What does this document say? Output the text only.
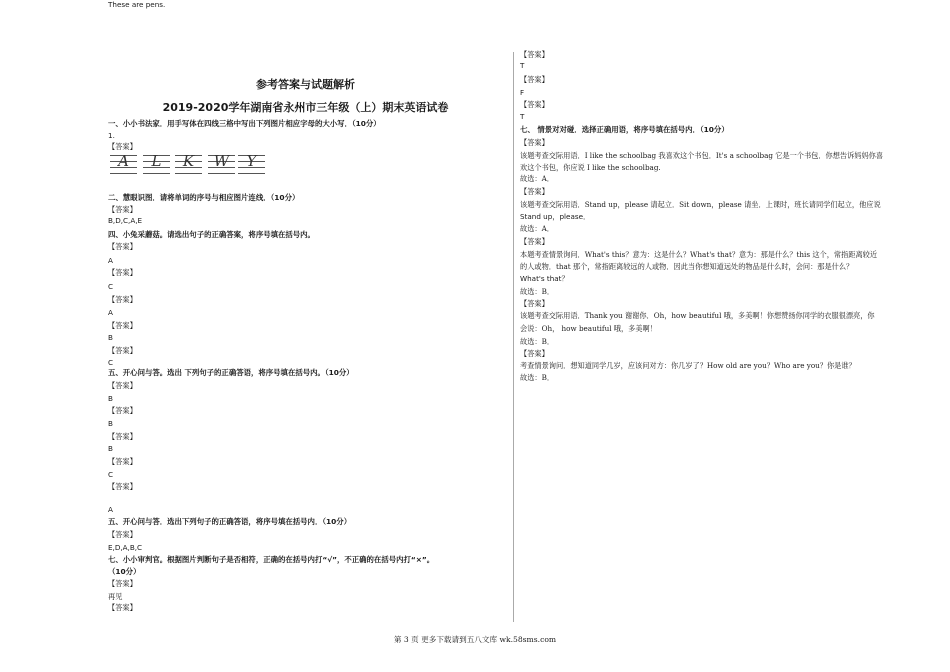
参考答案与试题解析
2019-2020学年湖南省永州市三年级（上）期末英语试卷
一、小小书法家．用手写体在四线三格中写出下列图片相应字母的大小写．（10分）
1.
【答案】
二、慧眼识图．请将单词的序号与相应图片连线．（10分）
【答案】
B,D,C,A,E
四、小兔采蘑菇。请选出句子的正确答案，将序号填在括号内。
【答案】
A
【答案】
C
【答案】
A
【答案】
B
【答案】
C
五、开心问与答。选出 下列句子的正确答语，将序号填在括号内。（10分）
【答案】
B
【答案】
B
【答案】
B
【答案】
C
【答案】
A
五、开心问与答．选出下列句子的正确答语，将序号填在括号内．（10分）
【答案】
E,D,A,B,C
七、小小审判官。根据图片判断句子是否相符，正确的在括号内打“√”，不正确的在括号内打“×”。
（10分）
【答案】
再见
【答案】
These are pens.
【答案】
T
【答案】
F
【答案】
T
七、 情景对对碰．选择正确用语，将序号填在括号内．（10分）
【答案】
该题考查交际用语．I like the schoolbag 我喜欢这个书包．It's a schoolbag 它是一个书包．你想告诉妈妈你喜
欢这个书包，你应说 I like the schoolbag.
故选：A．
【答案】
该题考查交际用语．Stand up，please 请起立．Sit down，please 请坐．上课时，班长请同学们起立，他应说
Stand up，please．
故选：A．
【答案】
本题考查情景询问．What's this？意为：这是什么？What's that？意为：那是什么？this 这个，常指距离较近
的人或物．that 那个，常指距离较远的人或物．因此当你想知道远处的物品是什么时，会问：那是什么？
What's that？
故选：B．
【答案】
该题考查交际用语．Thank you 谢谢你．Oh，how beautiful 哦，多美啊！你想赞扬你同学的衣服很漂亮，你
会说：Oh， how beautiful 哦，多美啊！
故选：B．
【答案】
考查情景询问．想知道同学几岁，应该问对方：你几岁了？How old are you？Who are you？你是谁？
故选：B．
A	L	K	W	Y
第 3 页 更多下载请到五八文库 wk.58sms.com
